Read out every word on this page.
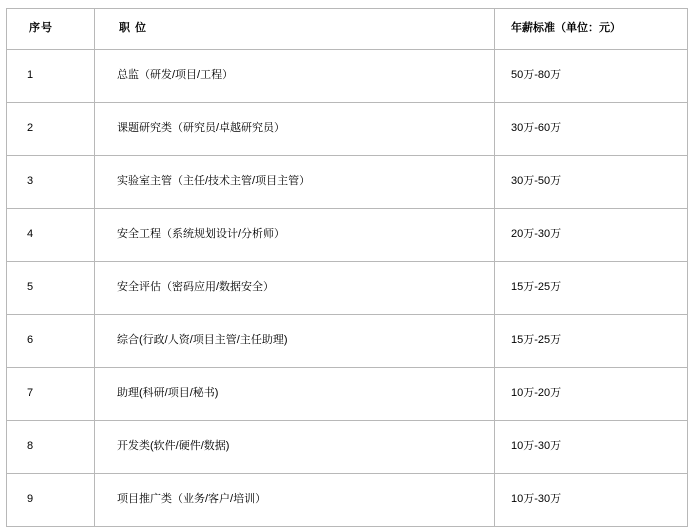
序号	职 位	年薪标准（单位：元）
1	总监（研发/项目/工程）	50万-80万
2	课题研究类（研究员/卓越研究员）	30万-60万
3	实验室主管（主任/技术主管/项目主管）	30万-50万
4	安全工程（系统规划设计/分析师）	20万-30万
5	安全评估（密码应用/数据安全）	15万-25万
6	综合(行政/人资/项目主管/主任助理)	15万-25万
7	助理(科研/项目/秘书)	10万-20万
8	开发类(软件/硬件/数据)	10万-30万
9	项目推广类（业务/客户/培训）	10万-30万
